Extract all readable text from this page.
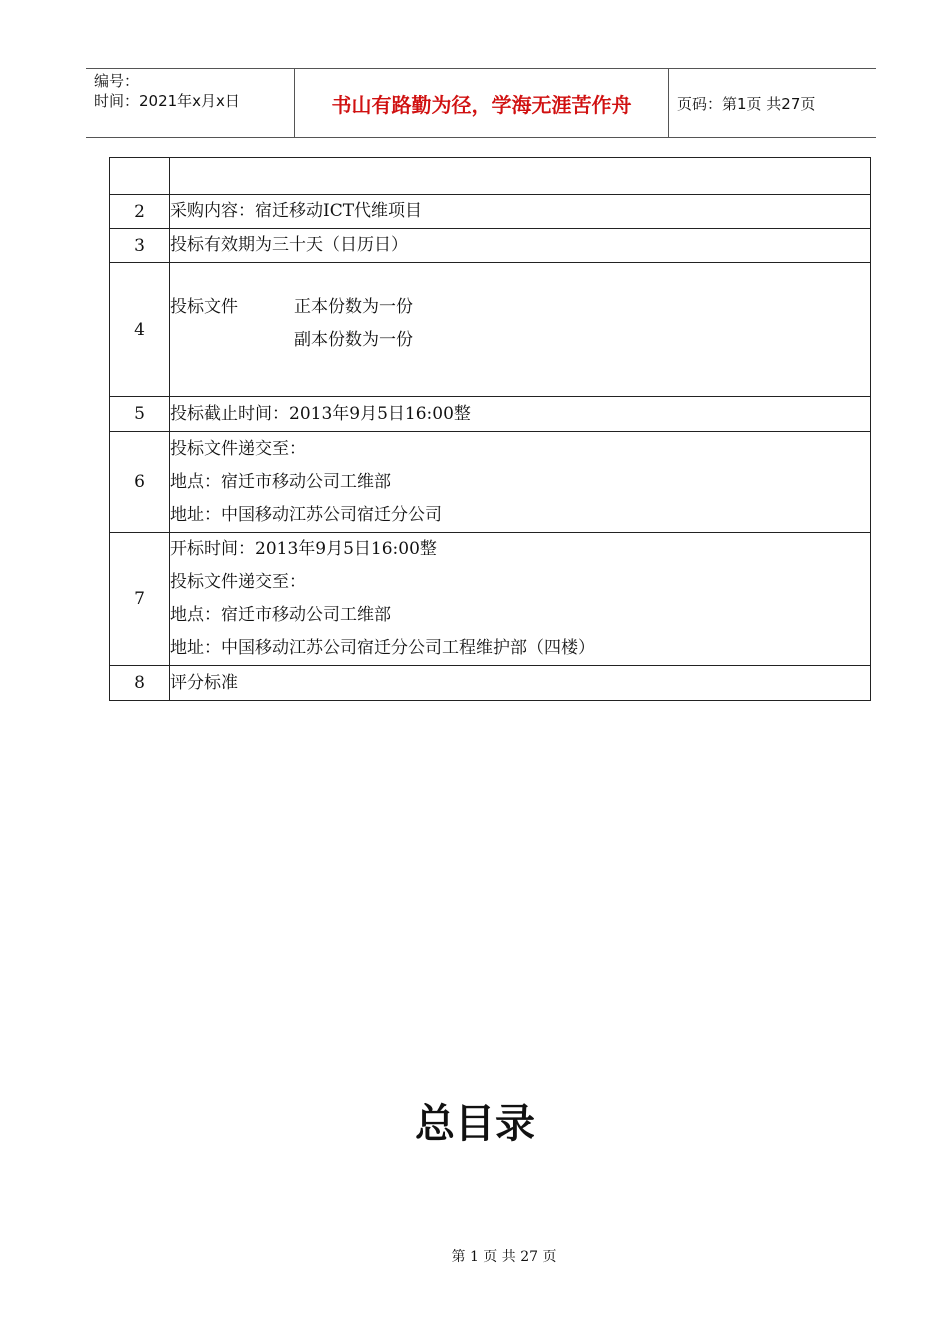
编号：
时间：2021年x月x日	书山有路勤为径，学海无涯苦作舟	页码：第1页 共27页

2	采购内容：宿迁移动ICT代维项目

3	投标有效期为三十天（日历日）

4	投标文件 正本份数为一份
副本份数为一份

5	投标截止时间：2013年9月5日16:00整

6	投标文件递交至：
地点：宿迁市移动公司工维部
地址：中国移动江苏公司宿迁分公司

7	开标时间：2013年9月5日16:00整
投标文件递交至：
地点：宿迁市移动公司工维部
地址：中国移动江苏公司宿迁分公司工程维护部（四楼）

8	评分标准
总目录
第 1 页 共 27 页
